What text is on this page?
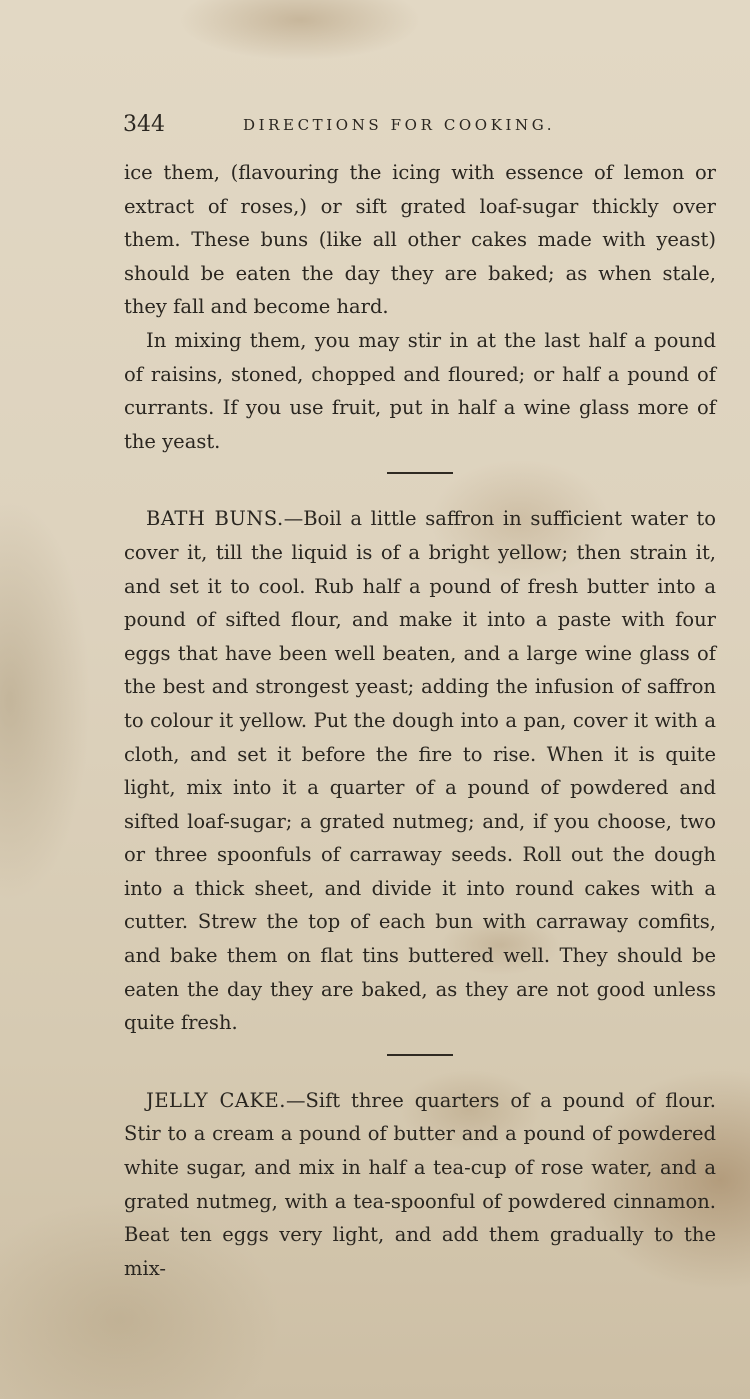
344	DIRECTIONS FOR COOKING.

ice them, (flavouring the icing with essence of lemon or extract of roses,) or sift grated loaf-sugar thickly over them. These buns (like all other cakes made with yeast) should be eaten the day they are baked; as when stale, they fall and become hard.

In mixing them, you may stir in at the last half a pound of raisins, stoned, chopped and floured; or half a pound of currants. If you use fruit, put in half a wine glass more of the yeast.

BATH BUNS.—Boil a little saffron in sufficient water to cover it, till the liquid is of a bright yellow; then strain it, and set it to cool. Rub half a pound of fresh butter into a pound of sifted flour, and make it into a paste with four eggs that have been well beaten, and a large wine glass of the best and strongest yeast; adding the infusion of saffron to colour it yellow. Put the dough into a pan, cover it with a cloth, and set it before the fire to rise. When it is quite light, mix into it a quarter of a pound of powdered and sifted loaf-sugar; a grated nutmeg; and, if you choose, two or three spoonfuls of carraway seeds. Roll out the dough into a thick sheet, and divide it into round cakes with a cutter. Strew the top of each bun with carraway comfits, and bake them on flat tins buttered well. They should be eaten the day they are baked, as they are not good unless quite fresh.

JELLY CAKE.—Sift three quarters of a pound of flour. Stir to a cream a pound of butter and a pound of powdered white sugar, and mix in half a tea-cup of rose water, and a grated nutmeg, with a tea-spoonful of powdered cinnamon. Beat ten eggs very light, and add them gradually to the mix-
